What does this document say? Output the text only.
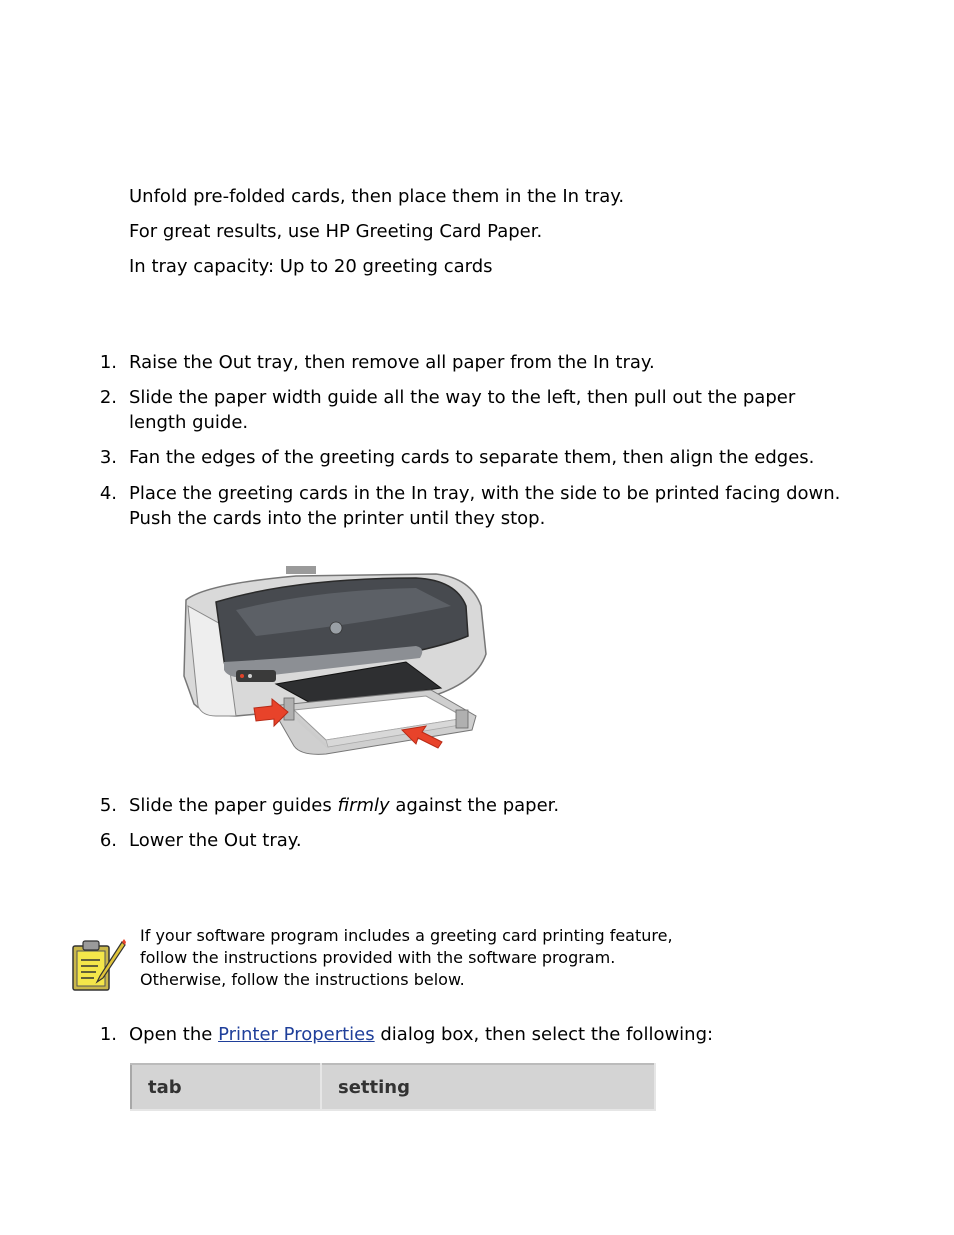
Unfold pre-folded cards, then place them in the In tray.

For great results, use HP Greeting Card Paper.

In tray capacity: Up to 20 greeting cards

1. Raise the Out tray, then remove all paper from the In tray.
2. Slide the paper width guide all the way to the left, then pull out the paper
length guide.
3. Fan the edges of the greeting cards to separate them, then align the edges.
4. Place the greeting cards in the In tray, with the side to be printed facing down.
Push the cards into the printer until they stop.
5. Slide the paper guides firmly against the paper.

6. Lower the Out tray.
If your software program includes a greeting card printing feature,
follow the instructions provided with the software program.
Otherwise, follow the instructions below.
1. Open the Printer Properties dialog box, then select the following:

tab	setting
